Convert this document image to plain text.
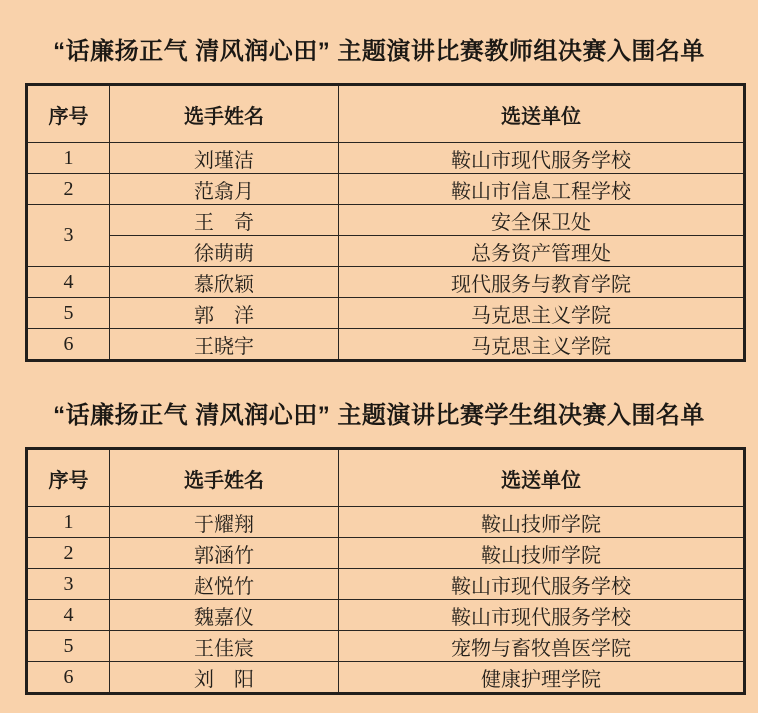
“话廉扬正气 清风润心田” 主题演讲比赛教师组决赛入围名单
序号	选手姓名	选送单位
1	刘瑾洁	鞍山市现代服务学校
2	范翕月	鞍山市信息工程学校
3	王　奇	安全保卫处
	徐萌萌	总务资产管理处
4	慕欣颖	现代服务与教育学院
5	郭　洋	马克思主义学院
6	王晓宇	马克思主义学院
“话廉扬正气 清风润心田” 主题演讲比赛学生组决赛入围名单
序号	选手姓名	选送单位
1	于耀翔	鞍山技师学院
2	郭涵竹	鞍山技师学院
3	赵悦竹	鞍山市现代服务学校
4	魏嘉仪	鞍山市现代服务学校
5	王佳宸	宠物与畜牧兽医学院
6	刘　阳	健康护理学院
